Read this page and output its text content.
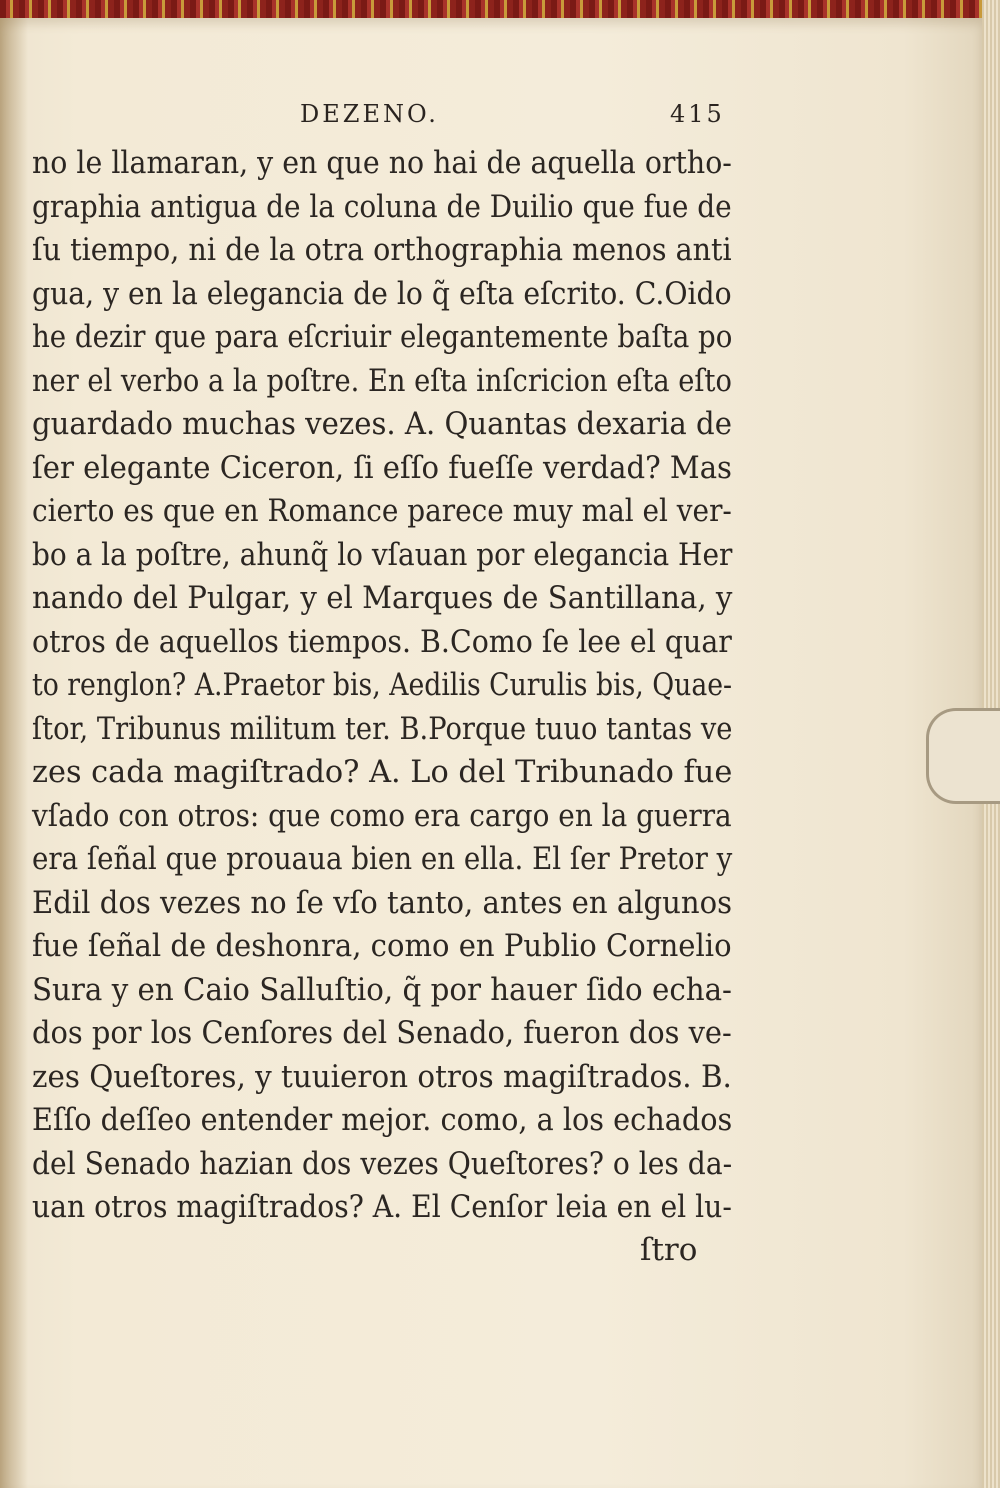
DEZENO.	415
no le llamaran, y en que no hai de aquella ortho-
graphia antigua de la coluna de Duilio que fue de
ſu tiempo, ni de la otra orthographia menos anti
gua, y en la elegancia de lo q̃ eſta eſcrito. C.Oido
he dezir que para eſcriuir elegantemente baſta po
ner el verbo a la poſtre. En eſta inſcricion eſta eſto
guardado muchas vezes. A. Quantas dexaria de
ſer elegante Ciceron, ſi eſſo fueſſe verdad? Mas
cierto es que en Romance parece muy mal el ver-
bo a la poſtre, ahunq̃ lo vſauan por elegancia Her
nando del Pulgar, y el Marques de Santillana, y
otros de aquellos tiempos. B.Como ſe lee el quar
to renglon? A.Praetor bis, Aedilis Curulis bis, Quae-
ſtor, Tribunus militum ter. B.Porque tuuo tantas ve
zes cada magiſtrado? A. Lo del Tribunado fue
vſado con otros: que como era cargo en la guerra
era ſeñal que prouaua bien en ella. El ſer Pretor y
Edil dos vezes no ſe vſo tanto, antes en algunos
fue ſeñal de deshonra, como en Publio Cornelio
Sura y en Caio Salluſtio, q̃ por hauer ſido echa-
dos por los Cenſores del Senado, fueron dos ve-
zes Queſtores, y tuuieron otros magiſtrados. B.
Eſſo deſſeo entender mejor. como, a los echados
del Senado hazian dos vezes Queſtores? o les da-
uan otros magiſtrados? A. El Cenſor leia en el lu-
ſtro
